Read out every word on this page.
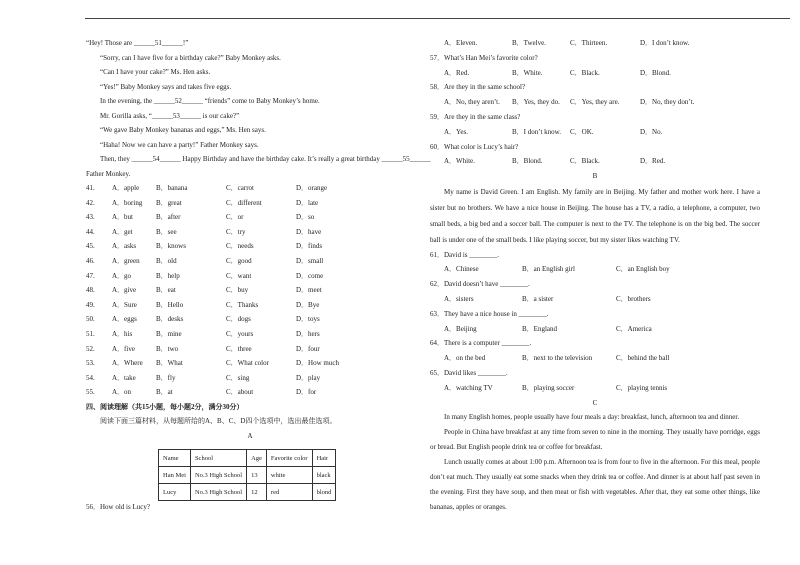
“Hey! Those are ______51______!”

“Sorry, can I have five for a birthday cake?” Baby Monkey asks.

“Can I have your cake?” Ms. Hen asks.

“Yes!” Baby Monkey says and takes five eggs.

In the evening, the ______52______ “friends” come to Baby Monkey’s home.

Mr. Gorilla asks, “______53______ is our cake?”

“We gave Baby Monkey bananas and eggs,” Ms. Hen says.

“Haha! Now we can have a party!” Father Monkey says.

Then, they ______54______ Happy Birthday and have the birthday cake. It’s really a great birthday ______55______

Father Monkey.

41. A．apple B．banana	C．carrot	D．orange
42. A．boring B．great	C．different	D．late
43. A．but	B．after	C．or	D．so
44. A．get	B．see	C．try	D．have
45. A．asks	B．knows	C．needs	D．finds
46. A．green B．old	C．good	D．small
47. A．go	B．help	C．want	D．come
48. A．give	B．eat	C．buy	D．meet
49. A．Sure	B．Hello	C．Thanks	D．Bye
50. A．eggs	B．desks	C．dogs	D．toys
51. A．his	B．mine	C．yours	D．hers
52. A．five	B．two	C．three	D．four
53. A．Where B．What	C．What color	D．How much
54. A．take	B．fly	C．sing	D．play
55. A．on	B．at	C．about	D．for

四、阅读理解（共15小题，每小题2分，满分30分）

阅读下面三篇材料，从每题所给的A、B、C、D四个选项中，选出最佳选项。

A

Name	School	Age	Favorite color	Hair
Han Mei	No.3 High School	13	white	black
Lucy	No.3 High School	12	red	blond

56．How old is Lucy?

A．Eleven.	B．Twelve.	C．Thirteen.	D．I don’t know.
57．What’s Han Mei’s favorite color?
A．Red.	B．White.	C．Black.	D．Blond.
58．Are they in the same school?
A．No, they aren’t. B．Yes, they do. C．Yes, they are.	D．No, they don’t.
59．Are they in the same class?
A．Yes.	B．I don’t know. C．OK.	D．No.
60．What color is Lucy’s hair?
A．White.	B．Blond.	C．Black.	D．Red.

B

My name is David Green. I am English. My family are in Beijing. My father and mother work here. I have a sister but no brothers. We have a nice house in Beijing. The house has a TV, a radio, a telephone, a computer, two small beds, a big bed and a soccer ball. The computer is next to the TV. The telephone is on the big bed. The soccer ball is under one of the small beds. I like playing soccer, but my sister likes watching TV.

61．David is ________.
A．Chinese	B．an English girl	C．an English boy
62．David doesn’t have ________.
A．sisters	B．a sister	C．brothers
63．They have a nice house in ________.
A．Beijing	B．England	C．America
64．There is a computer ________.
A．on the bed	B．next to the television	C．behind the ball
65．David likes ________.
A．watching TV	B．playing soccer	C．playing tennis

C

In many English homes, people usually have four meals a day: breakfast, lunch, afternoon tea and dinner.

People in China have breakfast at any time from seven to nine in the morning. They usually have porridge, eggs or bread. But English people drink tea or coffee for breakfast.

Lunch usually comes at about 1:00 p.m. Afternoon tea is from four to five in the afternoon. For this meal, people don’t eat much. They usually eat some snacks when they drink tea or coffee. And dinner is at about half past seven in the evening. First they have soup, and then meat or fish with vegetables. After that, they eat some other things, like bananas, apples or oranges.
